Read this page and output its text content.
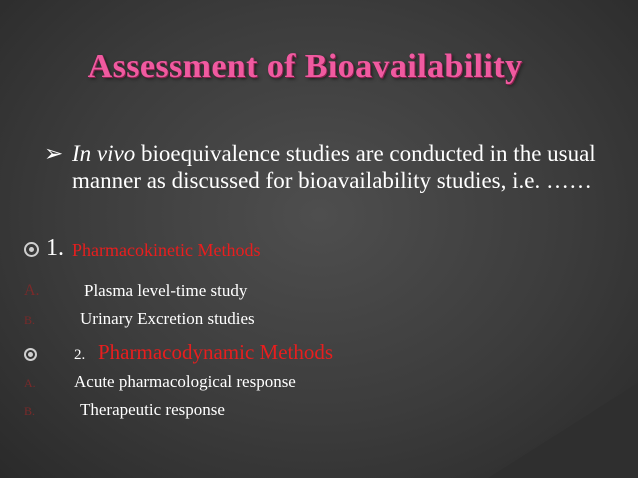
Assessment of Bioavailability
➢ In vivo bioequivalence studies are conducted in the usual manner as discussed for bioavailability studies, i.e. ……
1. Pharmacokinetic Methods
A.	Plasma level-time study
B.	Urinary Excretion studies
2. Pharmacodynamic Methods
A. Acute pharmacological response
B.	Therapeutic response
